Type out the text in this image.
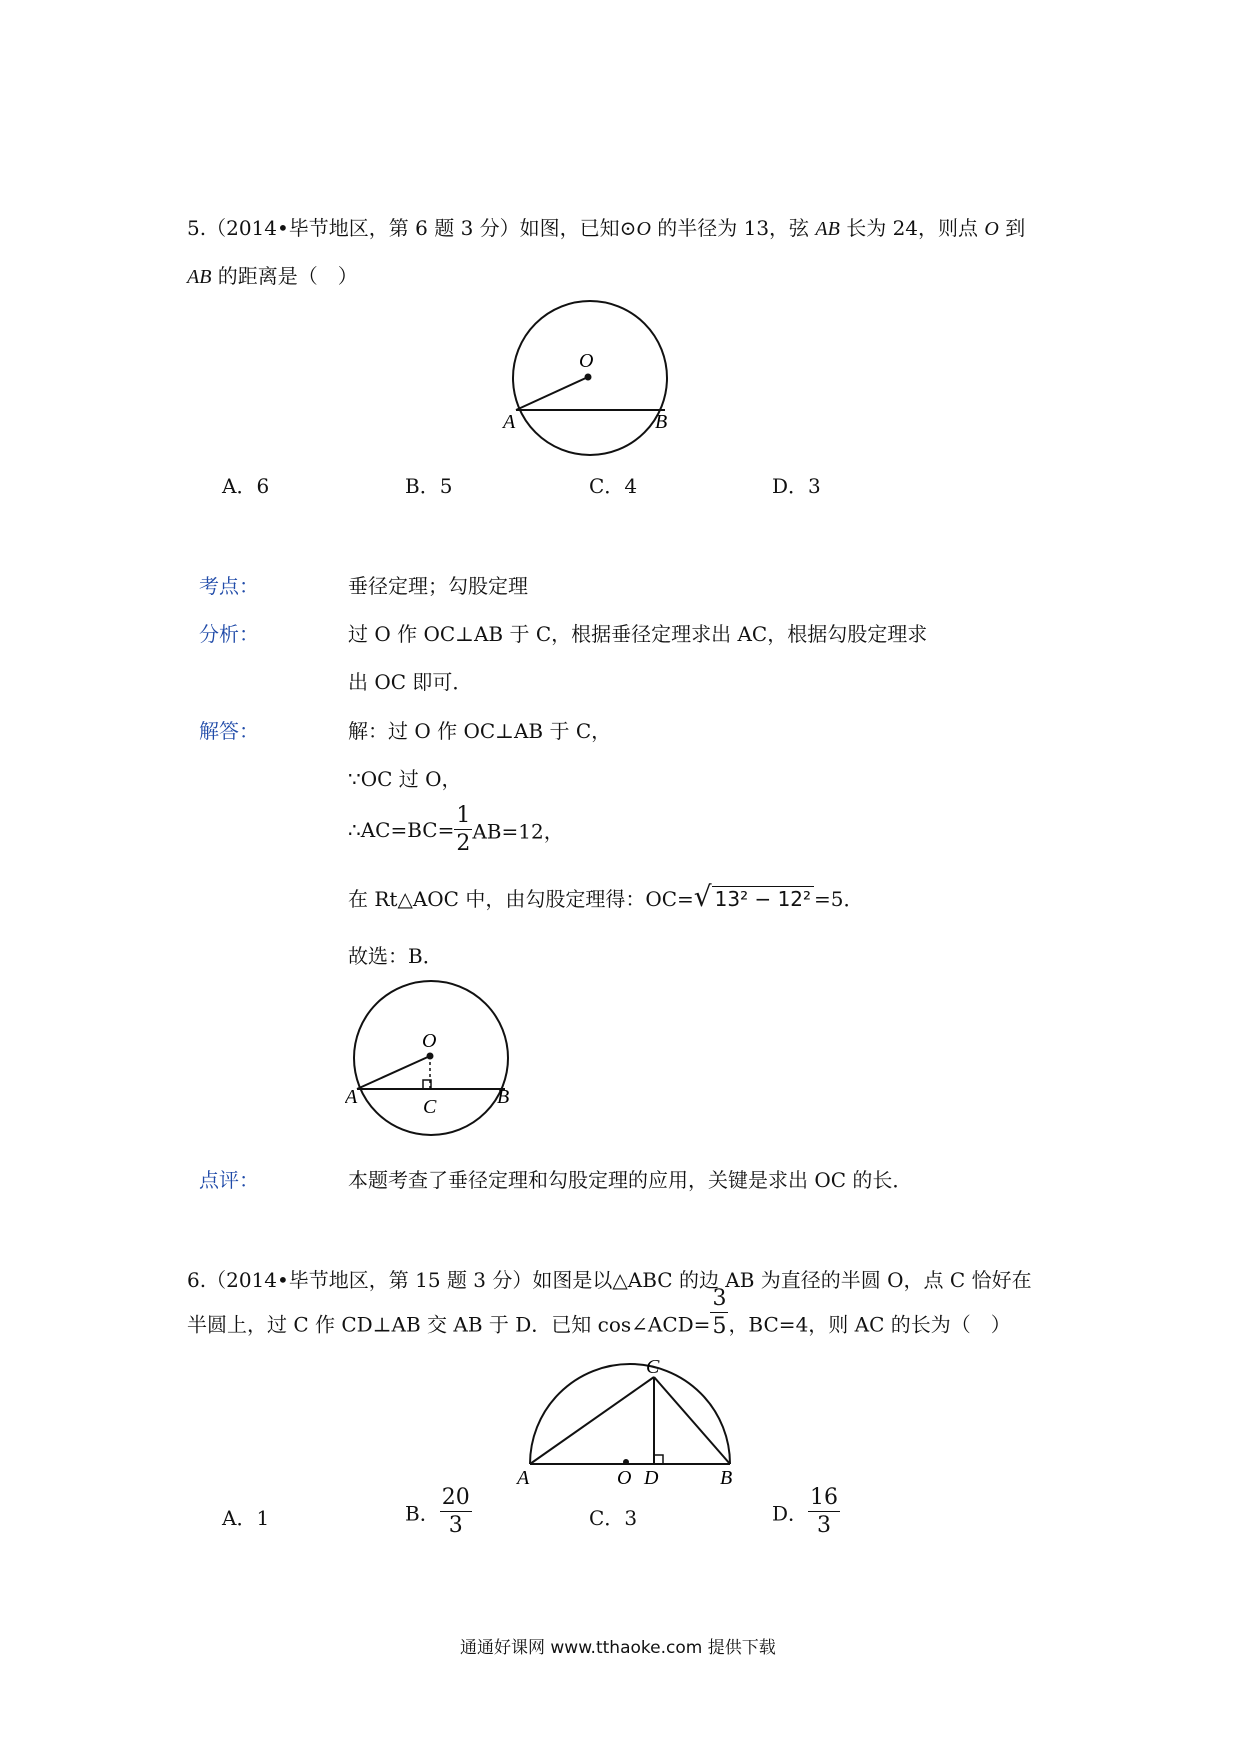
5.（2014•毕节地区，第 6 题 3 分）如图，已知⊙O 的半径为 13，弦 AB 长为 24，则点 O 到
AB 的距离是（　）
O
A	B
A．6	B．5	C．4	D．3
考点：	垂径定理；勾股定理
分析：	过 O 作 OC⊥AB 于 C，根据垂径定理求出 AC，根据勾股定理求
出 OC 即可．
解答：	解：过 O 作 OC⊥AB 于 C，
∵OC 过 O，
∴AC=BC= $\frac{1}{2} AB=12$，
在 Rt△AOC 中，由勾股定理得：OC=√ 13² − 12² =5．
故选：B．
O
A	B
C
点评：	本题考查了垂径定理和勾股定理的应用，关键是求出 OC 的长．
6.（2014•毕节地区，第 15 题 3 分）如图是以△ABC 的边 AB 为直径的半圆 O，点 C 恰好在
半圆上，过 C 作 CD⊥AB 交 AB 于 D．已知 cos∠ACD= $\frac{3}{5}$ ，BC=4，则 AC 的长为（　）
A	O D	B
C
A．1	B． $\frac{20}{3}$	C．3	D． $\frac{16}{3}$
通通好课网 www.tthaoke.com 提供下载
